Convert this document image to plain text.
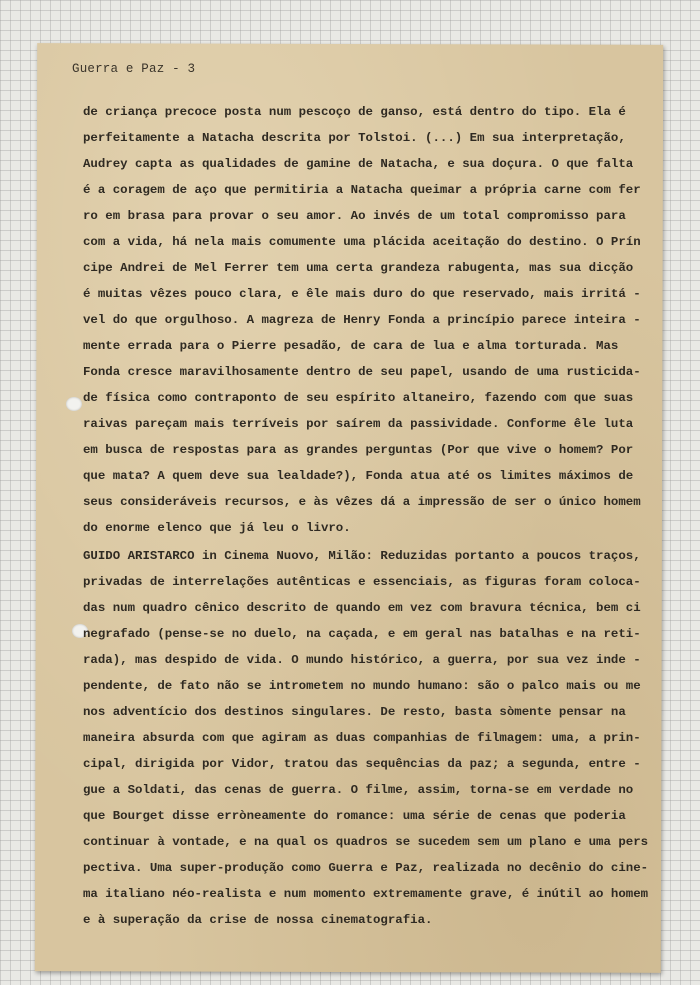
Guerra e Paz - 3
de criança precoce posta num pescoço de ganso, está dentro do tipo. Ela é
perfeitamente a Natacha descrita por Tolstoi. (...) Em sua interpretação,
Audrey capta as qualidades de gamine de Natacha, e sua doçura. O que falta
é a coragem de aço que permitiria a Natacha queimar a própria carne com fer
ro em brasa para provar o seu amor. Ao invés de um total compromisso para
com a vida, há nela mais comumente uma plácida aceitação do destino. O Prín
cipe Andrei de Mel Ferrer tem uma certa grandeza rabugenta, mas sua dicção
é muitas vêzes pouco clara, e êle mais duro do que reservado, mais irritá -
vel do que orgulhoso. A magreza de Henry Fonda a princípio parece inteira -
mente errada para o Pierre pesadão, de cara de lua e alma torturada. Mas
Fonda cresce maravilhosamente dentro de seu papel, usando de uma rusticida-
de física como contraponto de seu espírito altaneiro, fazendo com que suas
raivas pareçam mais terríveis por saírem da passividade. Conforme êle luta
em busca de respostas para as grandes perguntas (Por que vive o homem? Por
que mata? A quem deve sua lealdade?), Fonda atua até os limites máximos de
seus consideráveis recursos, e às vêzes dá a impressão de ser o único homem
do enorme elenco que já leu o livro.
GUIDO ARISTARCO in Cinema Nuovo, Milão: Reduzidas portanto a poucos traços,
privadas de interrelações autênticas e essenciais, as figuras foram coloca-
das num quadro cênico descrito de quando em vez com bravura técnica, bem ci
negrafado (pense-se no duelo, na caçada, e em geral nas batalhas e na reti-
rada), mas despido de vida. O mundo histórico, a guerra, por sua vez inde -
pendente, de fato não se intrometem no mundo humano: são o palco mais ou me
nos adventício dos destinos singulares. De resto, basta sòmente pensar na
maneira absurda com que agiram as duas companhias de filmagem: uma, a prin-
cipal, dirigida por Vidor, tratou das sequências da paz; a segunda, entre -
gue a Soldati, das cenas de guerra. O filme, assim, torna-se em verdade no
que Bourget disse erròneamente do romance: uma série de cenas que poderia
continuar à vontade, e na qual os quadros se sucedem sem um plano e uma pers
pectiva. Uma super-produção como Guerra e Paz, realizada no decênio do cine-
ma italiano néo-realista e num momento extremamente grave, é inútil ao homem
e à superação da crise de nossa cinematografia.
